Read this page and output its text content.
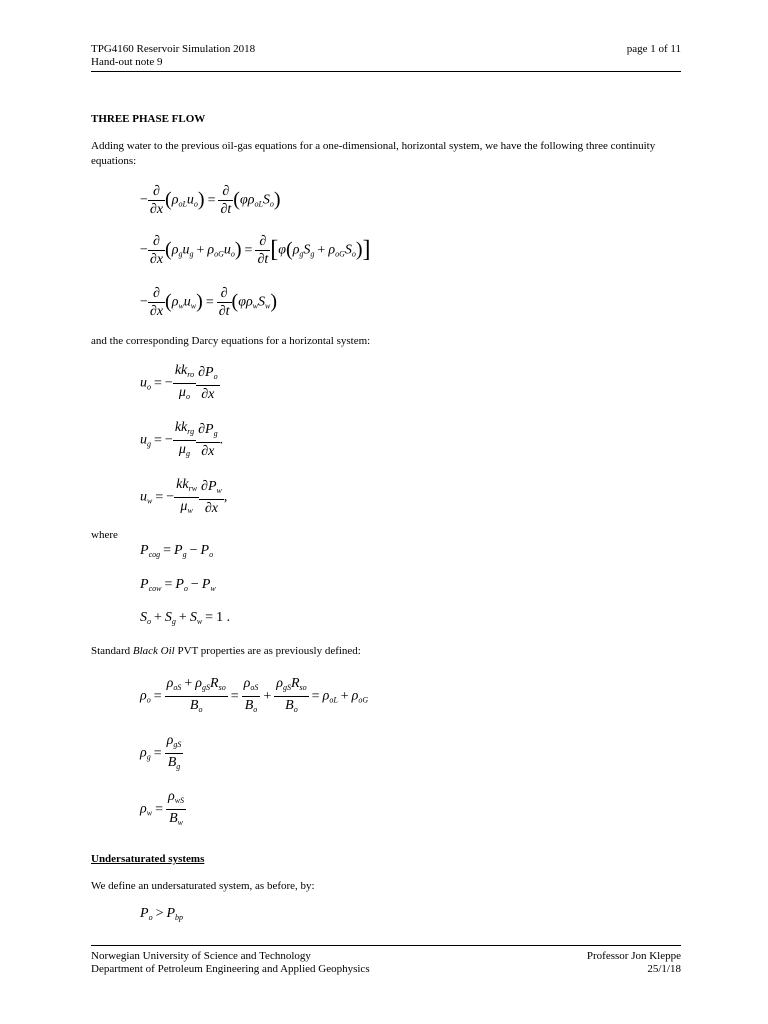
TPG4160 Reservoir Simulation 2018
Hand-out note 9
page 1 of 11
THREE PHASE FLOW
Adding water to the previous oil-gas equations for a one-dimensional, horizontal system, we have the following three continuity equations:
− $\frac{\partial}{\partial x} (\rho_{oL}u_o) = \frac{\partial}{\partial t} (\varphi\rho_{oL}S_o)$
− $\frac{\partial}{\partial x} (\rho_gu_g + \rho_{oG}u_o) = \frac{\partial}{\partial t} [\varphi(\rho_gS_g + \rho_{oG}S_o)]$
− $\frac{\partial}{\partial x} (\rho_wu_w) = \frac{\partial}{\partial t} (\varphi\rho_wS_w)$
and the corresponding Darcy equations for a horizontal system:
$u_o$ = − $\frac{kk_{ro}}{\mu_o} \frac{\partial P_o}{\partial x}$
$u_g$ = − $\frac{kk_{rg}}{\mu_g} \frac{\partial P_g}{\partial x}$ .
$u_w$ = − $\frac{kk_{rw}}{\mu_w} \frac{\partial P_w}{\partial x}$ ,
where
$P_{cog} = P_g - P_o$
$P_{cow} = P_o - P_w$
$S_o + S_g + S_w = 1$ .
Standard Black Oil PVT properties are as previously defined:
$\rho_o = \frac{\rho_{oS} + \rho_{gS}R_{so}}{B_o} = \frac{\rho_{oS}}{B_o} + \frac{\rho_{gS}R_{so}}{B_o} = \rho_{oL} + \rho_{oG}$
$\rho_g = \frac{\rho_{gS}}{B_g}$
$\rho_w = \frac{\rho_{wS}}{B_w}$
Undersaturated systems
We define an undersaturated system, as before, by:
$P_o > P_{bp}$
Norwegian University of Science and Technology
Department of Petroleum Engineering and Applied Geophysics
Professor Jon Kleppe
25/1/18
